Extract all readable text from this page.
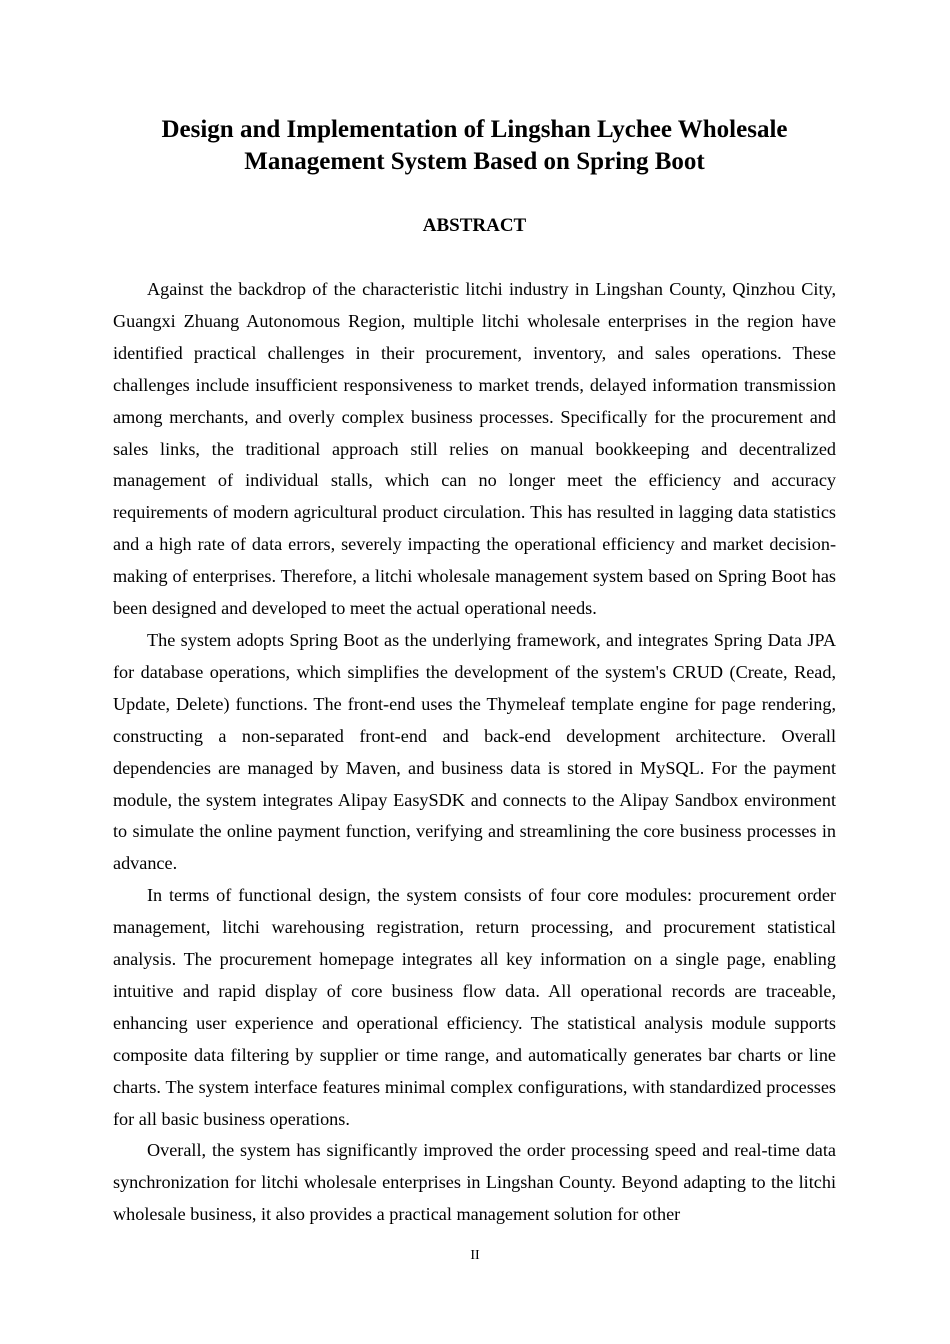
Design and Implementation of Lingshan Lychee Wholesale
Management System Based on Spring Boot
ABSTRACT

Against the backdrop of the characteristic litchi industry in Lingshan County, Qinzhou City, Guangxi Zhuang Autonomous Region, multiple litchi wholesale enterprises in the region have identified practical challenges in their procurement, inventory, and sales operations. These challenges include insufficient responsiveness to market trends, delayed information transmission among merchants, and overly complex business processes. Specifically for the procurement and sales links, the traditional approach still relies on manual bookkeeping and decentralized management of individual stalls, which can no longer meet the efficiency and accuracy requirements of modern agricultural product circulation. This has resulted in lagging data statistics and a high rate of data errors, severely impacting the operational efficiency and market decision-making of enterprises. Therefore, a litchi wholesale management system based on Spring Boot has been designed and developed to meet the actual operational needs.

The system adopts Spring Boot as the underlying framework, and integrates Spring Data JPA for database operations, which simplifies the development of the system's CRUD (Create, Read, Update, Delete) functions. The front-end uses the Thymeleaf template engine for page rendering, constructing a non-separated front-end and back-end development architecture. Overall dependencies are managed by Maven, and business data is stored in MySQL. For the payment module, the system integrates Alipay EasySDK and connects to the Alipay Sandbox environment to simulate the online payment function, verifying and streamlining the core business processes in advance.

In terms of functional design, the system consists of four core modules: procurement order management, litchi warehousing registration, return processing, and procurement statistical analysis. The procurement homepage integrates all key information on a single page, enabling intuitive and rapid display of core business flow data. All operational records are traceable, enhancing user experience and operational efficiency. The statistical analysis module supports composite data filtering by supplier or time range, and automatically generates bar charts or line charts. The system interface features minimal complex configurations, with standardized processes for all basic business operations.

Overall, the system has significantly improved the order processing speed and real-time data synchronization for litchi wholesale enterprises in Lingshan County. Beyond adapting to the litchi wholesale business, it also provides a practical management solution for other

II
